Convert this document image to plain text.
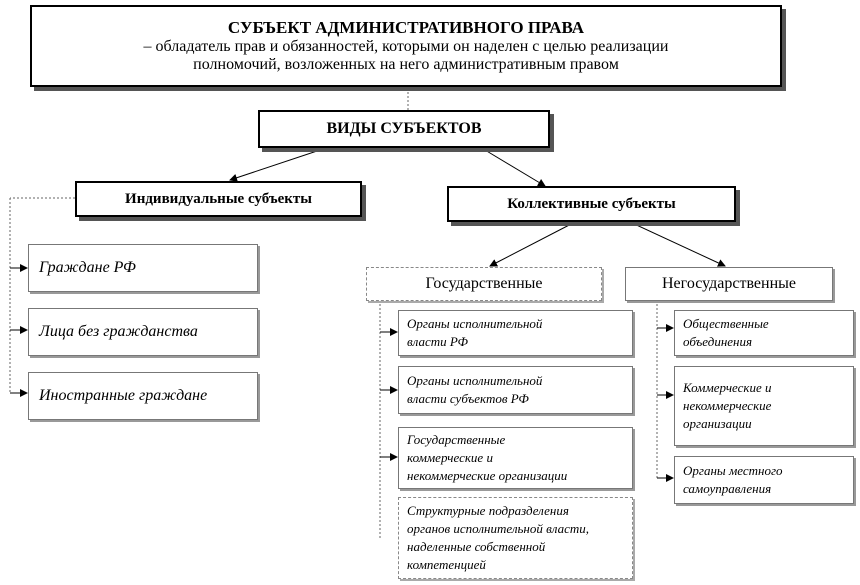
СУБЪЕКТ АДМИНИСТРАТИВНОГО ПРАВА
– обладатель прав и обязанностей, которыми он наделен с целью реализации
полномочий, возложенных на него административным правом
ВИДЫ СУБЪЕКТОВ
Индивидуальные субъекты
Граждане РФ
Лица без гражданства
Иностранные граждане
Коллективные субъекты
Государственные
Органы исполнительной
власти РФ
Органы исполнительной
власти субъектов РФ
Государственные
коммерческие и
некоммерческие организации
Структурные подразделения
органов исполнительной власти,
наделенные собственной
компетенцией
Негосударственные
Общественные
объединения
Коммерческие и
некоммерческие
организации
Органы местного
самоуправления
